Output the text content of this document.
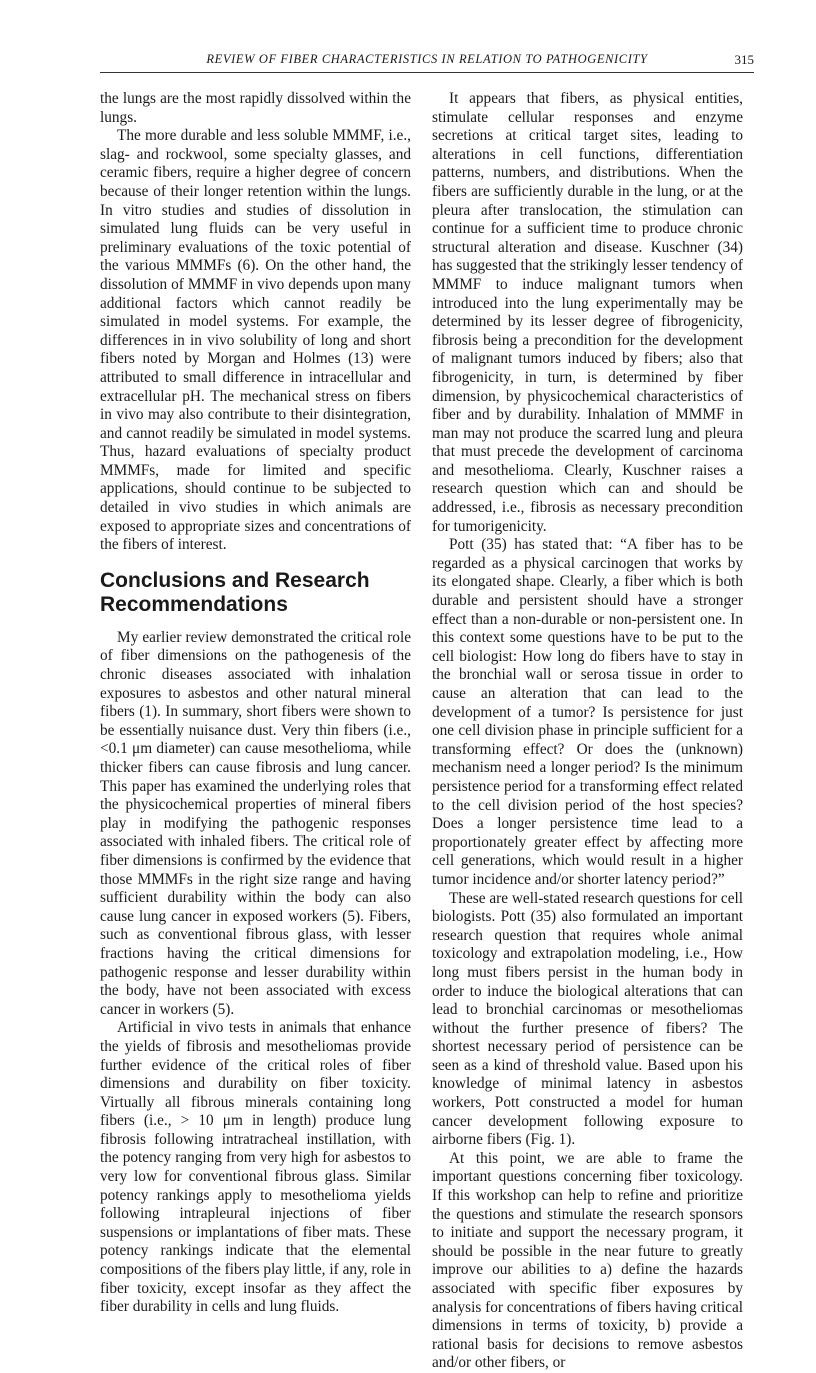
REVIEW OF FIBER CHARACTERISTICS IN RELATION TO PATHOGENICITY	315

the lungs are the most rapidly dissolved within the lungs.

The more durable and less soluble MMMF, i.e., slag- and rockwool, some specialty glasses, and ceramic fibers, require a higher degree of concern because of their longer retention within the lungs. In vitro studies and studies of dissolution in simulated lung fluids can be very useful in preliminary evaluations of the toxic potential of the various MMMFs (6). On the other hand, the dissolution of MMMF in vivo depends upon many additional factors which cannot readily be simulated in model systems. For example, the differences in in vivo solubility of long and short fibers noted by Morgan and Holmes (13) were attributed to small difference in intracellular and extracellular pH. The mechanical stress on fibers in vivo may also contribute to their disintegration, and cannot readily be simulated in model systems. Thus, hazard evaluations of specialty product MMMFs, made for limited and specific applications, should continue to be subjected to detailed in vivo studies in which animals are exposed to appropriate sizes and concentrations of the fibers of interest.

Conclusions and Research Recommendations

My earlier review demonstrated the critical role of fiber dimensions on the pathogenesis of the chronic diseases associated with inhalation exposures to asbestos and other natural mineral fibers (1). In summary, short fibers were shown to be essentially nuisance dust. Very thin fibers (i.e., <0.1 μm diameter) can cause mesothelioma, while thicker fibers can cause fibrosis and lung cancer. This paper has examined the underlying roles that the physicochemical properties of mineral fibers play in modifying the pathogenic responses associated with inhaled fibers. The critical role of fiber dimensions is confirmed by the evidence that those MMMFs in the right size range and having sufficient durability within the body can also cause lung cancer in exposed workers (5). Fibers, such as conventional fibrous glass, with lesser fractions having the critical dimensions for pathogenic response and lesser durability within the body, have not been associated with excess cancer in workers (5).

Artificial in vivo tests in animals that enhance the yields of fibrosis and mesotheliomas provide further evidence of the critical roles of fiber dimensions and durability on fiber toxicity. Virtually all fibrous minerals containing long fibers (i.e., > 10 μm in length) produce lung fibrosis following intratracheal instillation, with the potency ranging from very high for asbestos to very low for conventional fibrous glass. Similar potency rankings apply to mesothelioma yields following intrapleural injections of fiber suspensions or implantations of fiber mats. These potency rankings indicate that the elemental compositions of the fibers play little, if any, role in fiber toxicity, except insofar as they affect the fiber durability in cells and lung fluids.

It appears that fibers, as physical entities, stimulate cellular responses and enzyme secretions at critical target sites, leading to alterations in cell functions, differentiation patterns, numbers, and distributions. When the fibers are sufficiently durable in the lung, or at the pleura after translocation, the stimulation can continue for a sufficient time to produce chronic structural alteration and disease. Kuschner (34) has suggested that the strikingly lesser tendency of MMMF to induce malignant tumors when introduced into the lung experimentally may be determined by its lesser degree of fibrogenicity, fibrosis being a precondition for the development of malignant tumors induced by fibers; also that fibrogenicity, in turn, is determined by fiber dimension, by physicochemical characteristics of fiber and by durability. Inhalation of MMMF in man may not produce the scarred lung and pleura that must precede the development of carcinoma and mesothelioma. Clearly, Kuschner raises a research question which can and should be addressed, i.e., fibrosis as necessary precondition for tumorigenicity.

Pott (35) has stated that: “A fiber has to be regarded as a physical carcinogen that works by its elongated shape. Clearly, a fiber which is both durable and persistent should have a stronger effect than a non-durable or non-persistent one. In this context some questions have to be put to the cell biologist: How long do fibers have to stay in the bronchial wall or serosa tissue in order to cause an alteration that can lead to the development of a tumor? Is persistence for just one cell division phase in principle sufficient for a transforming effect? Or does the (unknown) mechanism need a longer period? Is the minimum persistence period for a transforming effect related to the cell division period of the host species? Does a longer persistence time lead to a proportionately greater effect by affecting more cell generations, which would result in a higher tumor incidence and/or shorter latency period?”

These are well-stated research questions for cell biologists. Pott (35) also formulated an important research question that requires whole animal toxicology and extrapolation modeling, i.e., How long must fibers persist in the human body in order to induce the biological alterations that can lead to bronchial carcinomas or mesotheliomas without the further presence of fibers? The shortest necessary period of persistence can be seen as a kind of threshold value. Based upon his knowledge of minimal latency in asbestos workers, Pott constructed a model for human cancer development following exposure to airborne fibers (Fig. 1).

At this point, we are able to frame the important questions concerning fiber toxicology. If this workshop can help to refine and prioritize the questions and stimulate the research sponsors to initiate and support the necessary program, it should be possible in the near future to greatly improve our abilities to a) define the hazards associated with specific fiber exposures by analysis for concentrations of fibers having critical dimensions in terms of toxicity, b) provide a rational basis for decisions to remove asbestos and/or other fibers, or
